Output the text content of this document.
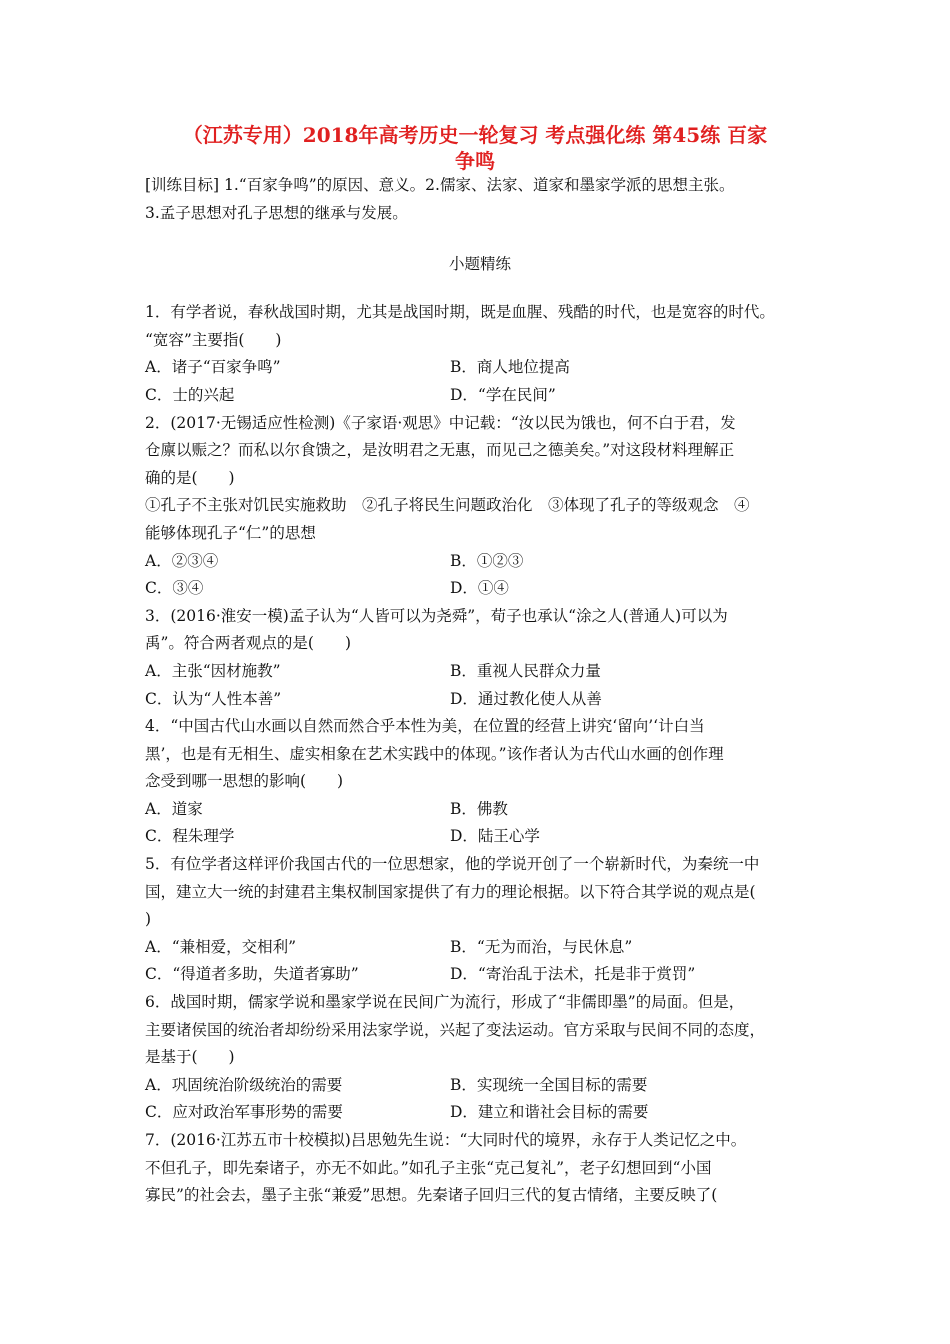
（江苏专用）2018年高考历史一轮复习 考点强化练 第45练 百家
争鸣
[训练目标] 1.“百家争鸣”的原因、意义。2.儒家、法家、道家和墨家学派的思想主张。
3.孟子思想对孔子思想的继承与发展。
小题精练
1．有学者说，春秋战国时期，尤其是战国时期，既是血腥、残酷的时代，也是宽容的时代。
“宽容”主要指(　　)
A．诸子“百家争鸣”	B．商人地位提高
C．士的兴起	D．“学在民间”
2．(2017·无锡适应性检测)《子家语·观思》中记载：“汝以民为饿也，何不白于君，发
仓廪以赈之？而私以尔食馈之，是汝明君之无惠，而见己之德美矣。”对这段材料理解正
确的是(　　)
①孔子不主张对饥民实施救助　②孔子将民生问题政治化　③体现了孔子的等级观念　④
能够体现孔子“仁”的思想
A．②③④	B．①②③
C．③④	D．①④
3．(2016·淮安一模)孟子认为“人皆可以为尧舜”，荀子也承认“涂之人(普通人)可以为
禹”。符合两者观点的是(　　)
A．主张“因材施教”	B．重视人民群众力量
C．认为“人性本善”	D．通过教化使人从善
4．“中国古代山水画以自然而然合乎本性为美，在位置的经营上讲究‘留向’‘计白当
黑’，也是有无相生、虚实相象在艺术实践中的体现。”该作者认为古代山水画的创作理
念受到哪一思想的影响(　　)
A．道家	B．佛教
C．程朱理学	D．陆王心学
5．有位学者这样评价我国古代的一位思想家，他的学说开创了一个崭新时代，为秦统一中
国，建立大一统的封建君主集权制国家提供了有力的理论根据。以下符合其学说的观点是(
)
A．“兼相爱，交相利”	B．“无为而治，与民休息”
C．“得道者多助，失道者寡助”	D．“寄治乱于法术，托是非于赏罚”
6．战国时期，儒家学说和墨家学说在民间广为流行，形成了“非儒即墨”的局面。但是，
主要诸侯国的统治者却纷纷采用法家学说，兴起了变法运动。官方采取与民间不同的态度，
是基于(　　)
A．巩固统治阶级统治的需要	B．实现统一全国目标的需要
C．应对政治军事形势的需要	D．建立和谐社会目标的需要
7．(2016·江苏五市十校模拟)吕思勉先生说：“大同时代的境界，永存于人类记忆之中。
不但孔子，即先秦诸子，亦无不如此。”如孔子主张“克己复礼”，老子幻想回到“小国
寡民”的社会去，墨子主张“兼爱”思想。先秦诸子回归三代的复古情绪，主要反映了(
